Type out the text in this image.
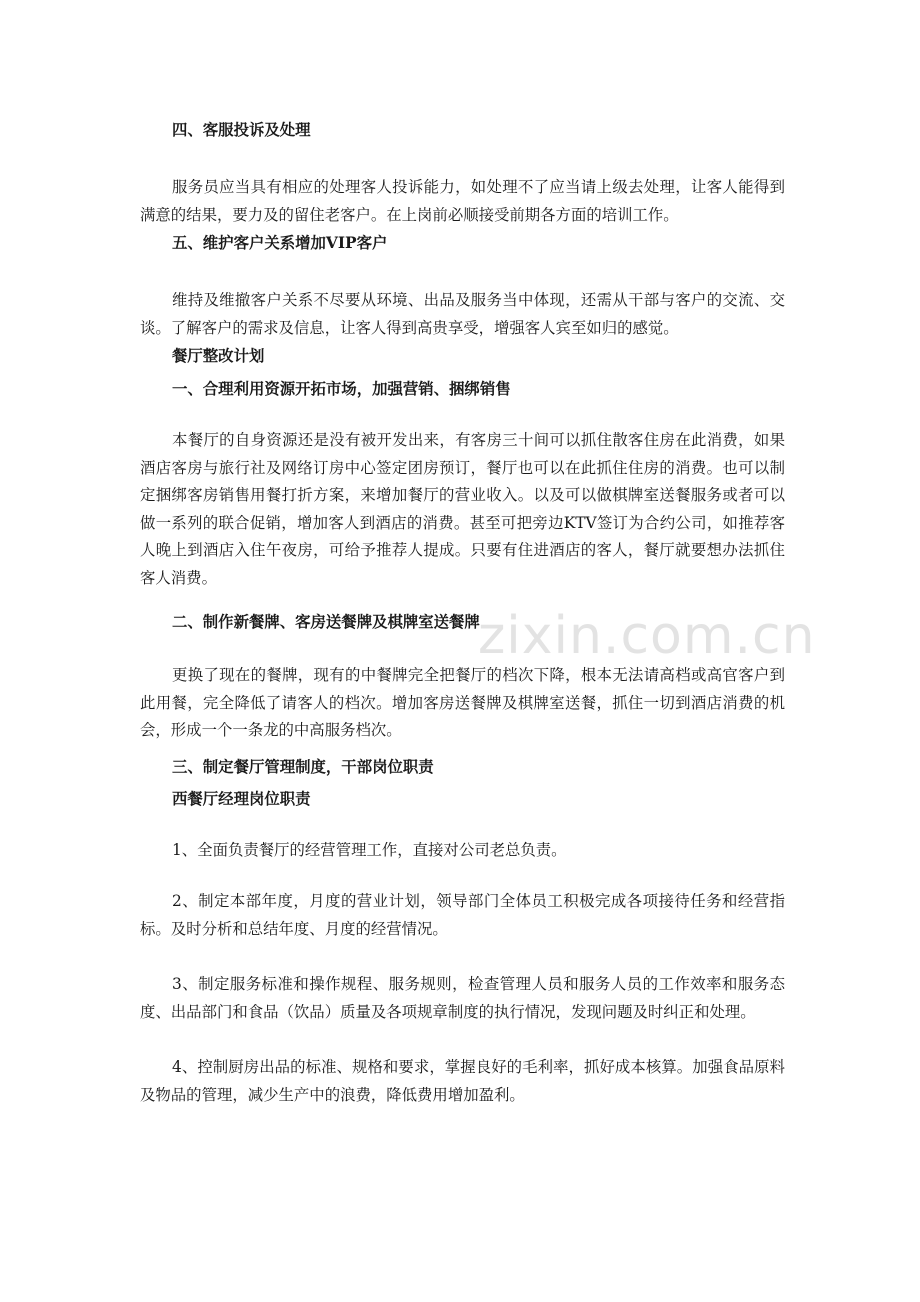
zixin.com.cn

四、客服投诉及处理

服务员应当具有相应的处理客人投诉能力，如处理不了应当请上级去处理，让客人能得到满意的结果，要力及的留住老客户。在上岗前必顺接受前期各方面的培训工作。

五、维护客户关系增加VIP客户

维持及维撤客户关系不尽要从环境、出品及服务当中体现，还需从干部与客户的交流、交谈。了解客户的需求及信息，让客人得到高贵享受，增强客人宾至如归的感觉。

餐厅整改计划

一、合理利用资源开拓市场，加强营销、捆绑销售

本餐厅的自身资源还是没有被开发出来，有客房三十间可以抓住散客住房在此消费，如果酒店客房与旅行社及网络订房中心签定团房预订，餐厅也可以在此抓住住房的消费。也可以制定捆绑客房销售用餐打折方案，来增加餐厅的营业收入。以及可以做棋牌室送餐服务或者可以做一系列的联合促销，增加客人到酒店的消费。甚至可把旁边KTV签订为合约公司，如推荐客人晚上到酒店入住午夜房，可给予推荐人提成。只要有住进酒店的客人，餐厅就要想办法抓住客人消费。

二、制作新餐牌、客房送餐牌及棋牌室送餐牌

更换了现在的餐牌，现有的中餐牌完全把餐厅的档次下降，根本无法请高档或高官客户到此用餐，完全降低了请客人的档次。增加客房送餐牌及棋牌室送餐，抓住一切到酒店消费的机会，形成一个一条龙的中高服务档次。

三、制定餐厅管理制度，干部岗位职责

西餐厅经理岗位职责

1、全面负责餐厅的经营管理工作，直接对公司老总负责。

2、制定本部年度，月度的营业计划，领导部门全体员工积极完成各项接待任务和经营指标。及时分析和总结年度、月度的经营情况。

3、制定服务标准和操作规程、服务规则，检查管理人员和服务人员的工作效率和服务态度、出品部门和食品（饮品）质量及各项规章制度的执行情况，发现问题及时纠正和处理。

4、控制厨房出品的标准、规格和要求，掌握良好的毛利率，抓好成本核算。加强食品原料及物品的管理，减少生产中的浪费，降低费用增加盈利。
